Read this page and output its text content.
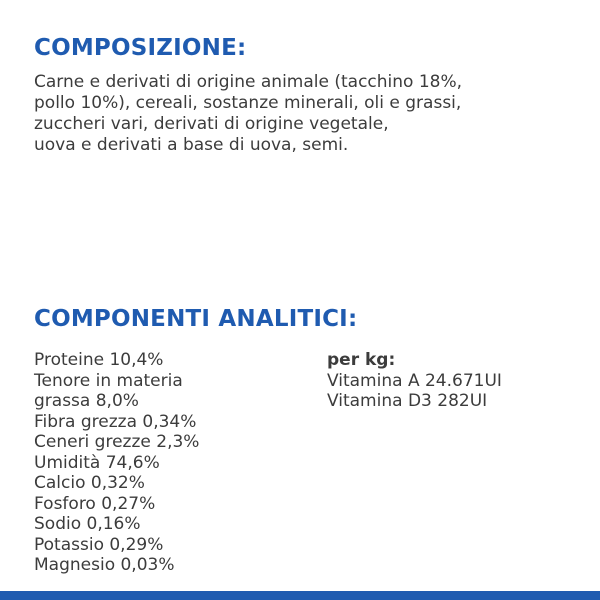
COMPOSIZIONE:

Carne e derivati di origine animale (tacchino 18%,
pollo 10%), cereali, sostanze minerali, oli e grassi,
zuccheri vari, derivati di origine vegetale,
uova e derivati a base di uova, semi.

COMPONENTI ANALITICI:
Proteine 10,4%
Tenore in materia
grassa 8,0%
Fibra grezza 0,34%
Ceneri grezze 2,3%
Umidità 74,6%
Calcio 0,32%
Fosforo 0,27%
Sodio 0,16%
Potassio 0,29%
Magnesio 0,03%
per kg:
Vitamina A 24.671UI
Vitamina D3 282UI
